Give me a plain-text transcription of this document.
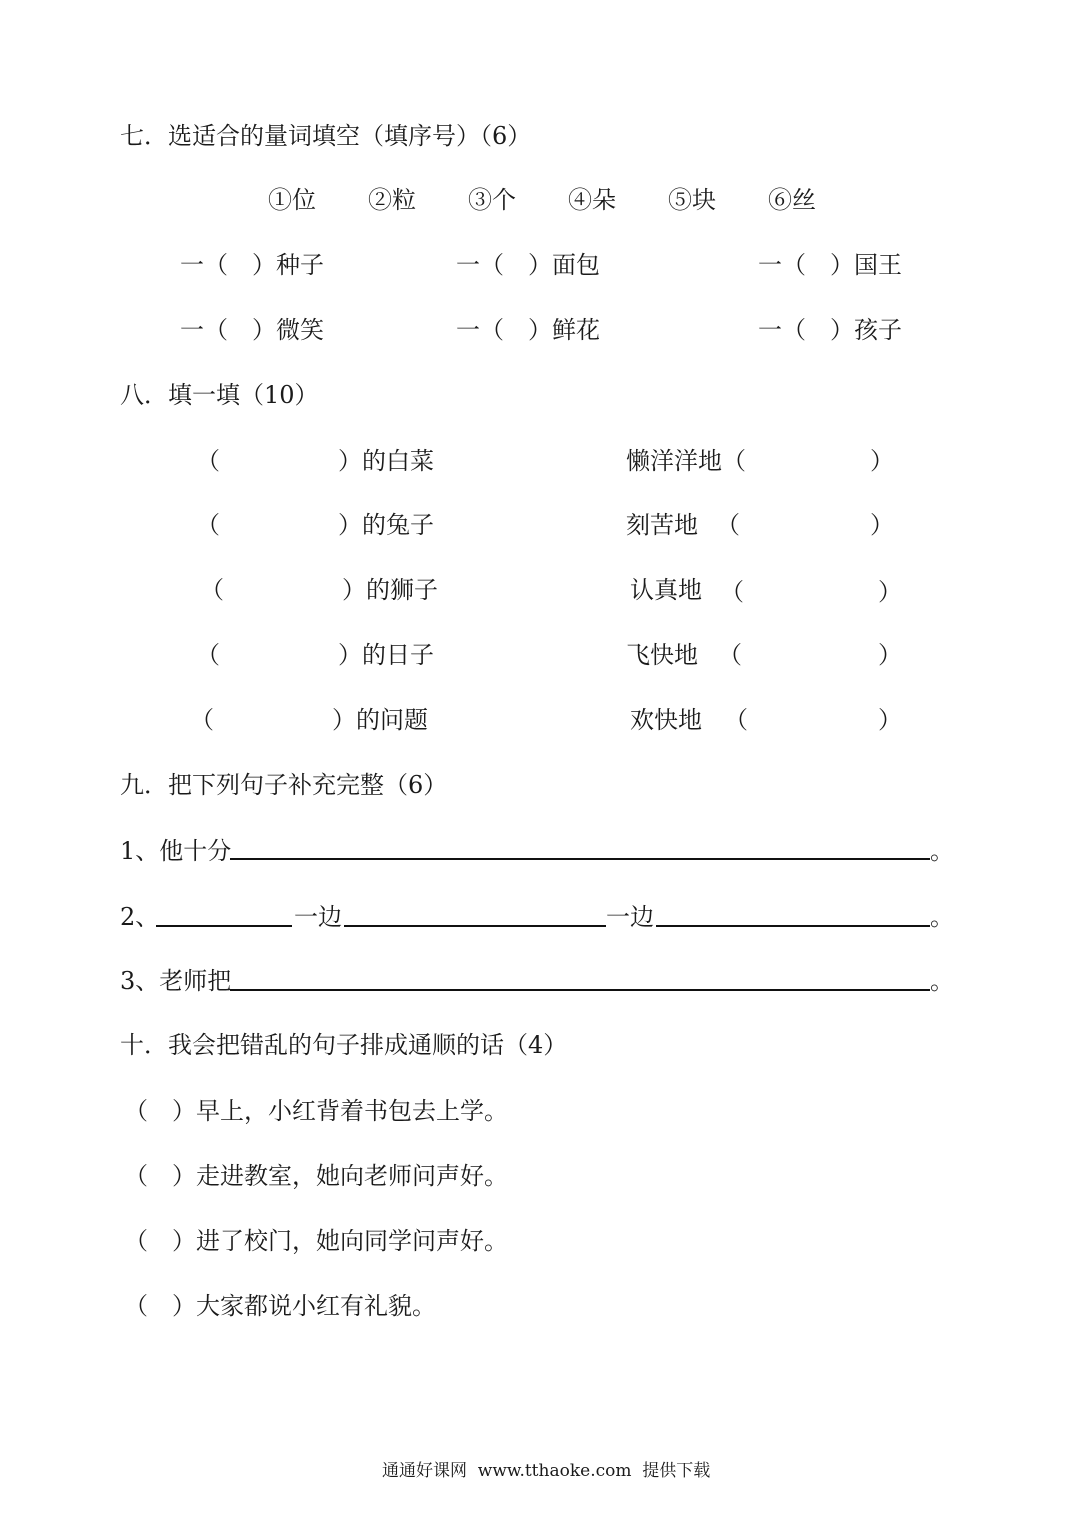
七．选适合的量词填空（填序号）（6）
①位 ②粒 ③个 ④朵 ⑤块 ⑥丝
一（　）种子	一（　）面包	一（　）国王
一（　）微笑	一（　）鲜花	一（　）孩子
八．填一填（10）
（	） 的白菜	懒洋洋地 （	）
（	） 的兔子	刻苦地 （	）
（	） 的狮子	认真地 （	）
（	） 的日子	飞快地 （	）
（	） 的问题	欢快地 （	）
九．把下列句子补充完整（6）
1、他十分	。
2、	一边	一边	。
3、老师把	。
十．我会把错乱的句子排成通顺的话（4）
（　）早上，小红背着书包去上学。
（　）走进教室，她向老师问声好。
（　）进了校门，她向同学问声好。
（　）大家都说小红有礼貌。
通通好课网  www.tthaoke.com  提供下载
